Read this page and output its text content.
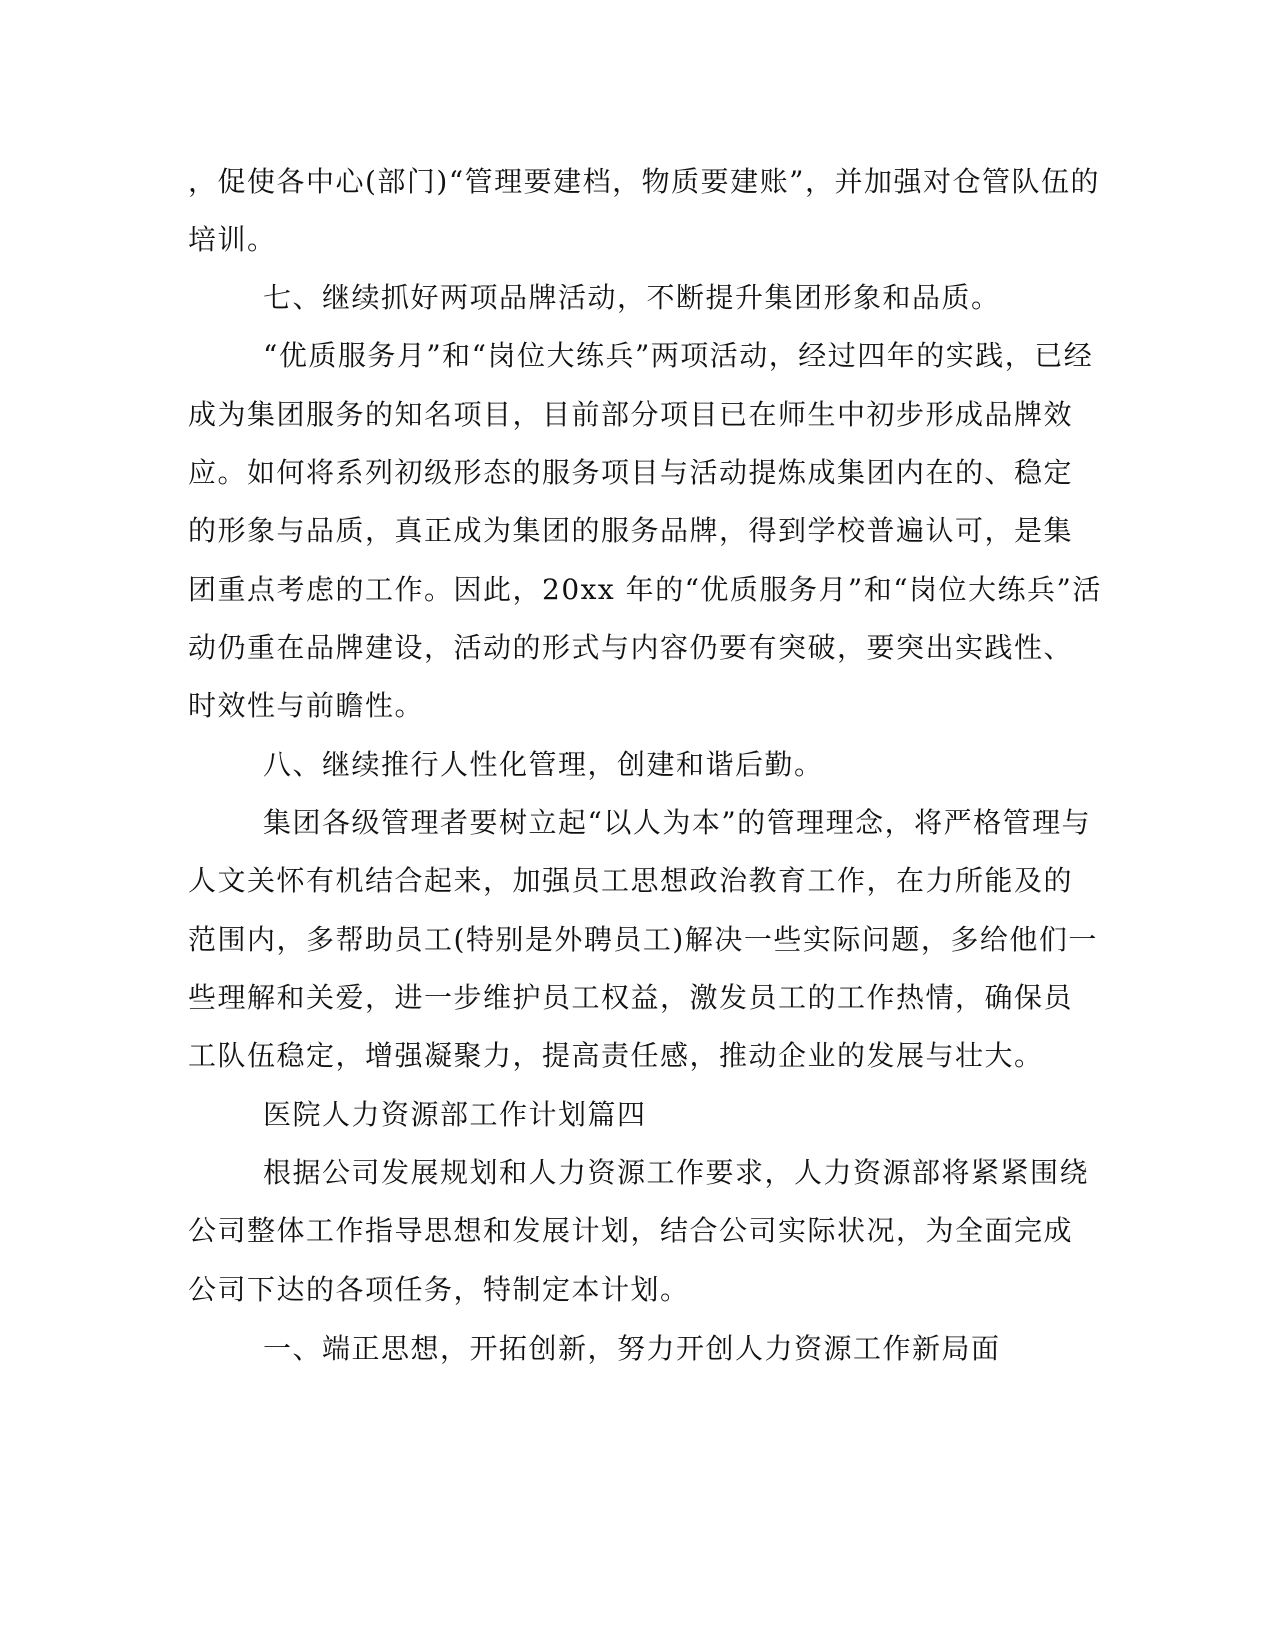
，促使各中心(部门)“管理要建档，物质要建账”，并加强对仓管队伍的
培训。
七、继续抓好两项品牌活动，不断提升集团形象和品质。
“优质服务月”和“岗位大练兵”两项活动，经过四年的实践，已经
成为集团服务的知名项目，目前部分项目已在师生中初步形成品牌效
应。如何将系列初级形态的服务项目与活动提炼成集团内在的、稳定
的形象与品质，真正成为集团的服务品牌，得到学校普遍认可，是集
团重点考虑的工作。因此，20xx 年的“优质服务月”和“岗位大练兵”活
动仍重在品牌建设，活动的形式与内容仍要有突破，要突出实践性、
时效性与前瞻性。
八、继续推行人性化管理，创建和谐后勤。
集团各级管理者要树立起“以人为本”的管理理念，将严格管理与
人文关怀有机结合起来，加强员工思想政治教育工作，在力所能及的
范围内，多帮助员工(特别是外聘员工)解决一些实际问题，多给他们一
些理解和关爱，进一步维护员工权益，激发员工的工作热情，确保员
工队伍稳定，增强凝聚力，提高责任感，推动企业的发展与壮大。
医院人力资源部工作计划篇四
根据公司发展规划和人力资源工作要求，人力资源部将紧紧围绕
公司整体工作指导思想和发展计划，结合公司实际状况，为全面完成
公司下达的各项任务，特制定本计划。
一、端正思想，开拓创新，努力开创人力资源工作新局面
